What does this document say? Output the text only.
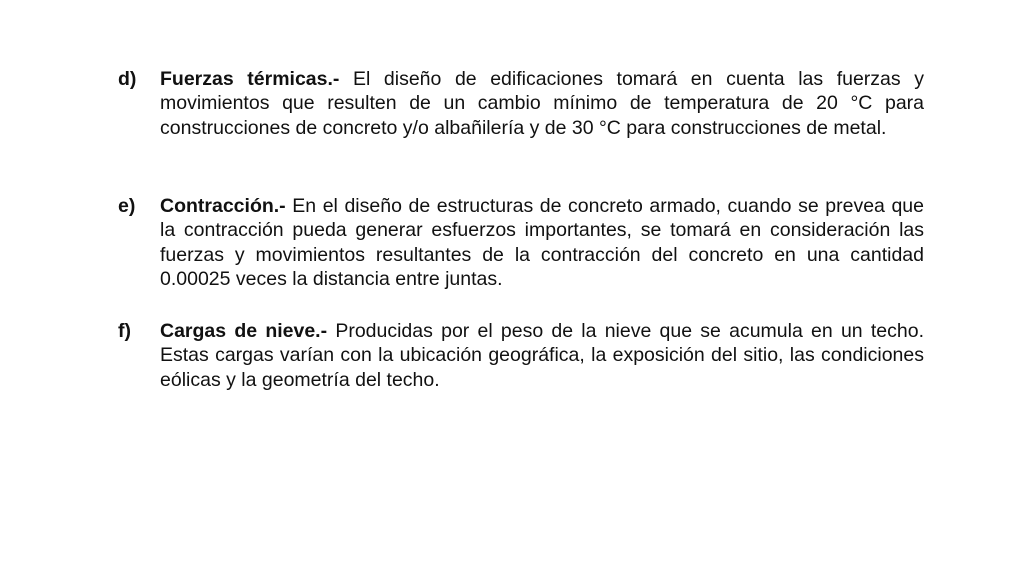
d) Fuerzas térmicas.- El diseño de edificaciones tomará en cuenta las fuerzas y movimientos que resulten de un cambio mínimo de temperatura de 20 °C para construcciones de concreto y/o albañilería y de 30 °C para construcciones de metal.
e) Contracción.- En el diseño de estructuras de concreto armado, cuando se prevea que la contracción pueda generar esfuerzos importantes, se tomará en consideración las fuerzas y movimientos resultantes de la contracción del concreto en una cantidad 0.00025 veces la distancia entre juntas.
f) Cargas de nieve.- Producidas por el peso de la nieve que se acumula en un techo. Estas cargas varían con la ubicación geográfica, la exposición del sitio, las condiciones eólicas y la geometría del techo.
